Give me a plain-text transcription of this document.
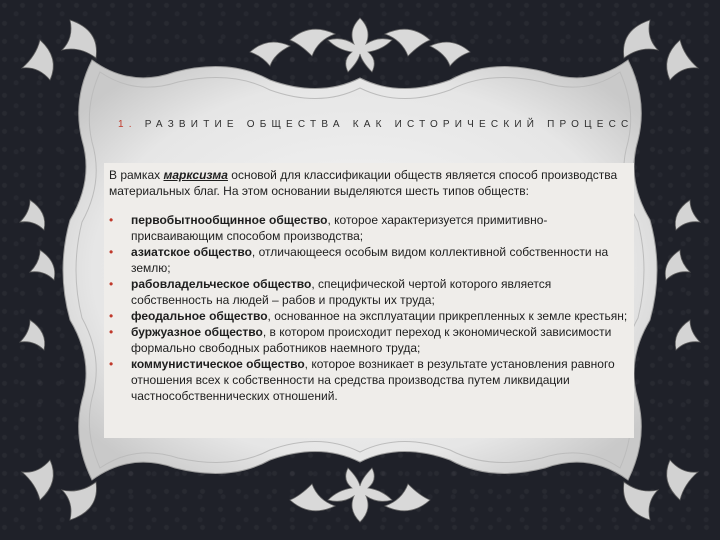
1. РАЗВИТИЕ ОБЩЕСТВА КАК ИСТОРИЧЕСКИЙ ПРОЦЕСС

В рамках марксизма основой для классификации обществ является способ производства материальных благ. На этом основании выделяются шесть типов обществ:

• первобытнообщинное общество, которое характеризуется примитивно-присваивающим способом производства;
• азиатское общество, отличающееся особым видом коллективной собственности на землю;
• рабовладельческое общество, специфической чертой которого является собственность на людей – рабов и продукты их труда;
• феодальное общество, основанное на эксплуатации прикрепленных к земле крестьян;
• буржуазное общество, в котором происходит переход к экономической зависимости формально свободных работников наемного труда;
• коммунистическое общество, которое возникает в результате установления равного отношения всех к собственности на средства производства путем ликвидации частнособственнических отношений.
